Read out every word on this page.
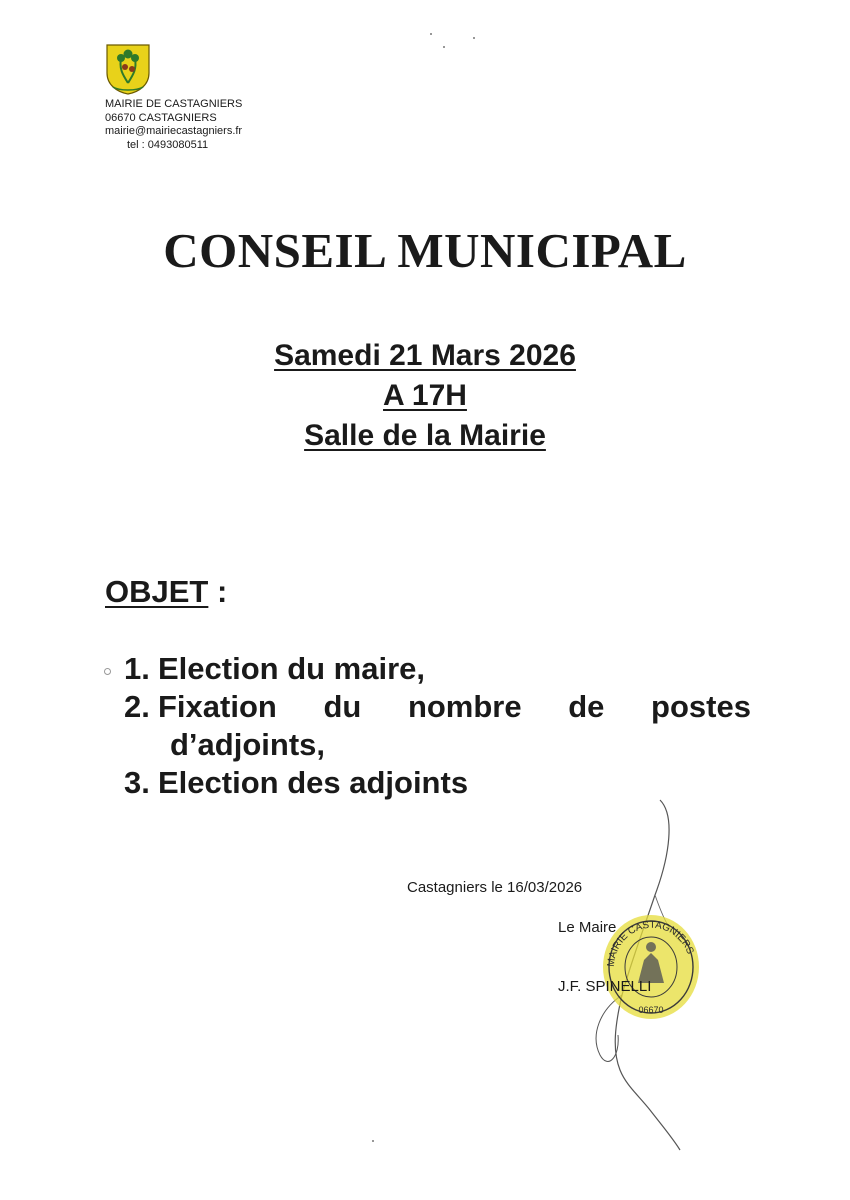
MAIRIE DE CASTAGNIERS
06670 CASTAGNIERS
mairie@mairiecastagniers.fr
tel : 0493080511
CONSEIL MUNICIPAL
Samedi 21 Mars 2026
A 17H
Salle de la Mairie
OBJET :
1. Election du maire,
2. Fixation du nombre de postes
d’adjoints,
3. Election des adjoints
MAIRIE CASTAGNIERS
06670
Castagniers le 16/03/2026
Le Maire
J.F. SPINELLI
